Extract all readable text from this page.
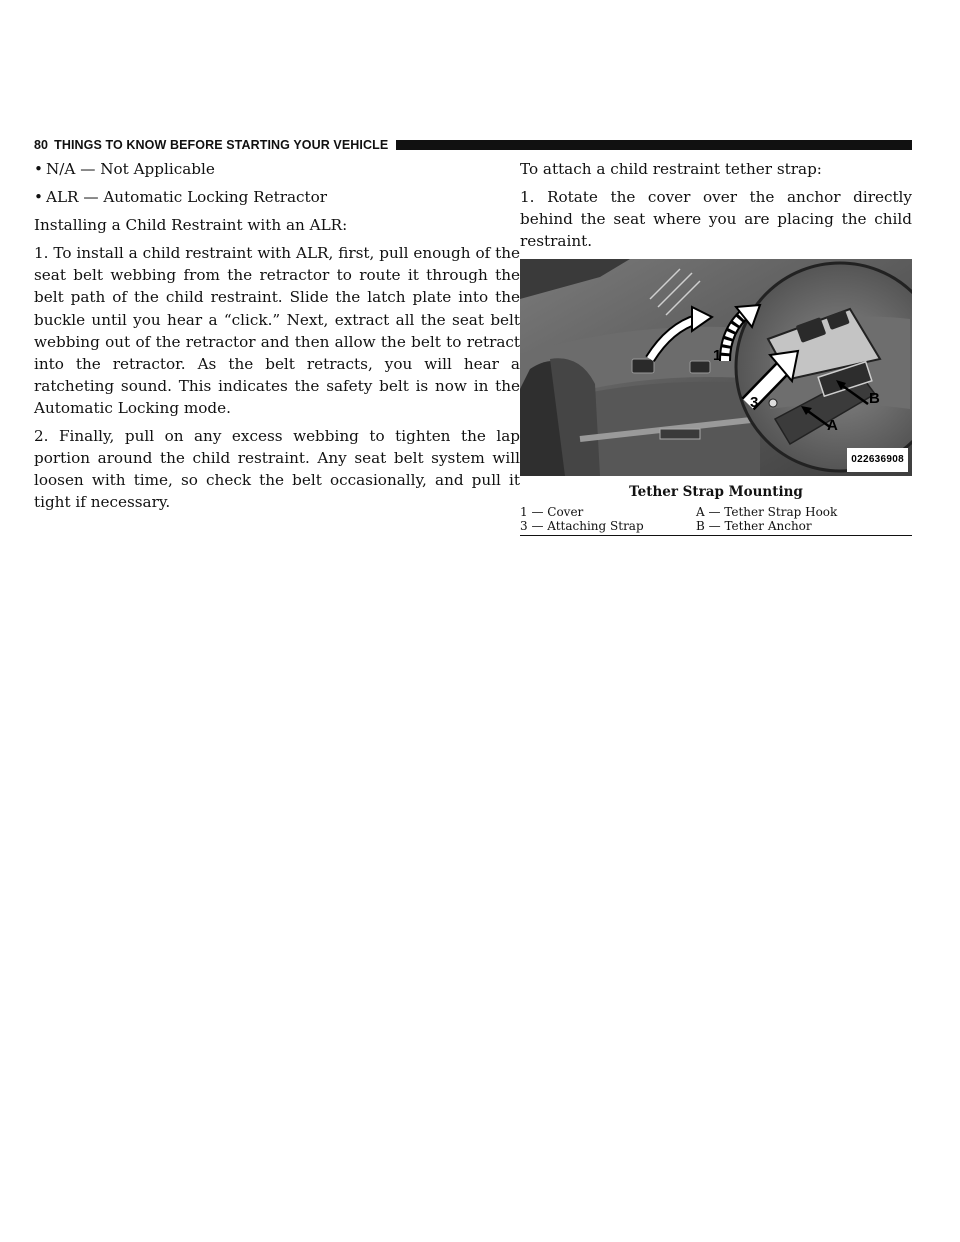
80 THINGS TO KNOW BEFORE STARTING YOUR VEHICLE
• N/A — Not Applicable
• ALR — Automatic Locking Retractor

Installing a Child Restraint with an ALR:

1. To install a child restraint with ALR, first, pull enough of the seat belt webbing from the retractor to route it through the belt path of the child restraint. Slide the latch plate into the buckle until you hear a “click.” Next, extract all the seat belt webbing out of the retractor and then allow the belt to retract into the retractor. As the belt retracts, you will hear a ratcheting sound. This indicates the safety belt is now in the Automatic Locking mode.

2. Finally, pull on any excess webbing to tighten the lap portion around the child restraint. Any seat belt system will loosen with time, so check the belt occasionally, and pull it tight if necessary.

To attach a child restraint tether strap:

1. Rotate the cover over the anchor directly behind the seat where you are placing the child restraint.

1
3	B
A
022636908
Tether Strap Mounting
1 — Cover	A — Tether Strap Hook
3 — Attaching Strap	B — Tether Anchor
